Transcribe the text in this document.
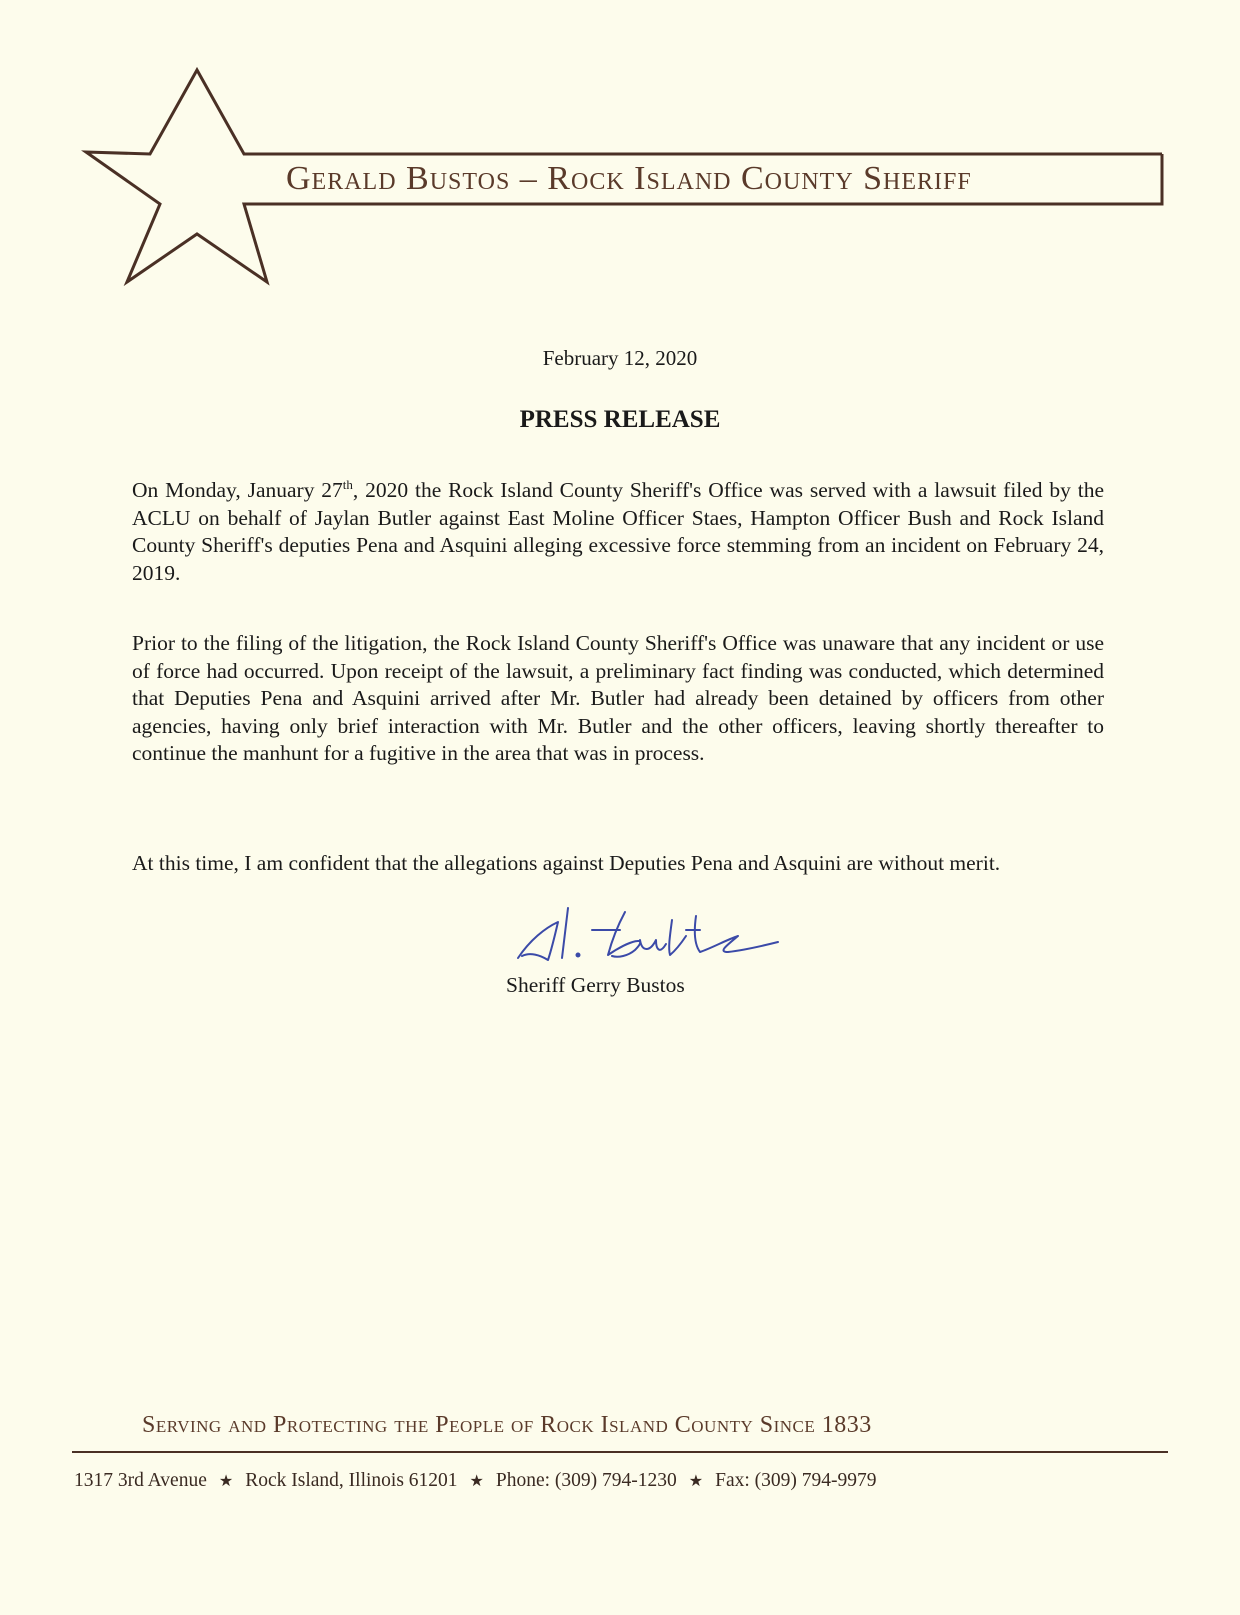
Gerald Bustos – Rock Island County Sheriff
February 12, 2020
PRESS RELEASE
On Monday, January 27th, 2020 the Rock Island County Sheriff's Office was served with a lawsuit filed by the ACLU on behalf of Jaylan Butler against East Moline Officer Staes, Hampton Officer Bush and Rock Island County Sheriff's deputies Pena and Asquini alleging excessive force stemming from an incident on February 24, 2019.
Prior to the filing of the litigation, the Rock Island County Sheriff's Office was unaware that any incident or use of force had occurred. Upon receipt of the lawsuit, a preliminary fact finding was conducted, which determined that Deputies Pena and Asquini arrived after Mr. Butler had already been detained by officers from other agencies, having only brief interaction with Mr. Butler and the other officers, leaving shortly thereafter to continue the manhunt for a fugitive in the area that was in process.
At this time, I am confident that the allegations against Deputies Pena and Asquini are without merit.
Sheriff Gerry Bustos
Serving and Protecting the People of Rock Island County Since 1833
1317 3rd Avenue ★ Rock Island, Illinois 61201 ★ Phone: (309) 794-1230 ★ Fax: (309) 794-9979
